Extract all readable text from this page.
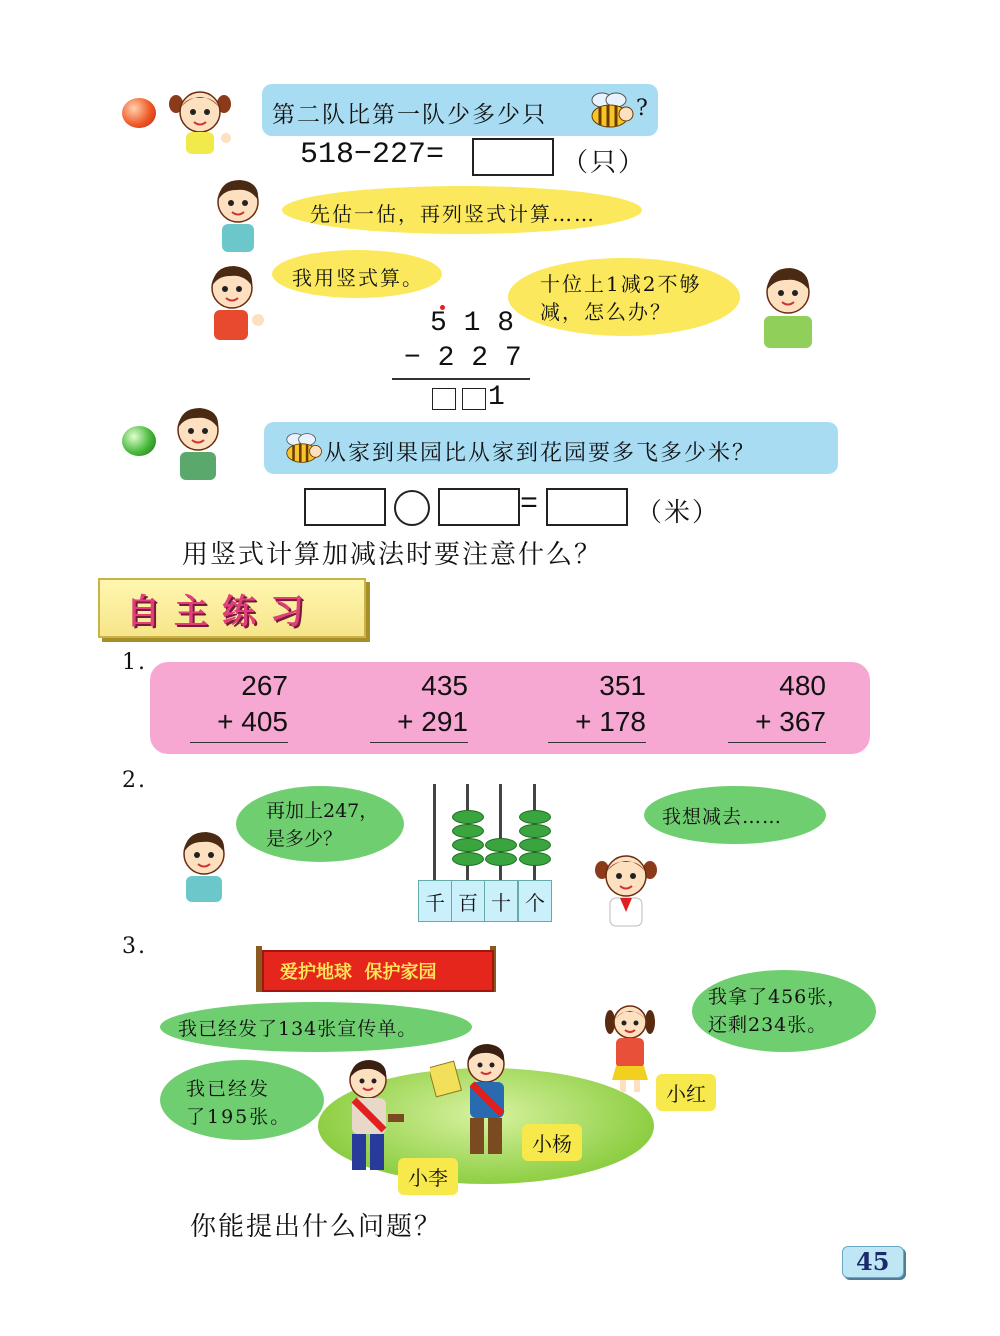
第二队比第一队少多少只	?
518−227=	（只）
先估一估，再列竖式计算……
我用竖式算。	十位上1减2不够
减，怎么办？
5 1 8
− 2 2 7
1
从家到果园比从家到花园要多飞多少米？
=	（米）
用竖式计算加减法时要注意什么？
自主练习
1.
267
+ 405
435
+ 291
351
+ 178
480
+ 367
2.
再加上247，
是多少？
千 百 十 个
我想减去……
3.
爱护地球  保护家园
我已经发了134张宣传单。
我已经发
了195张。
我拿了456张，
还剩234张。
小李
小杨
小红
你能提出什么问题？
45
